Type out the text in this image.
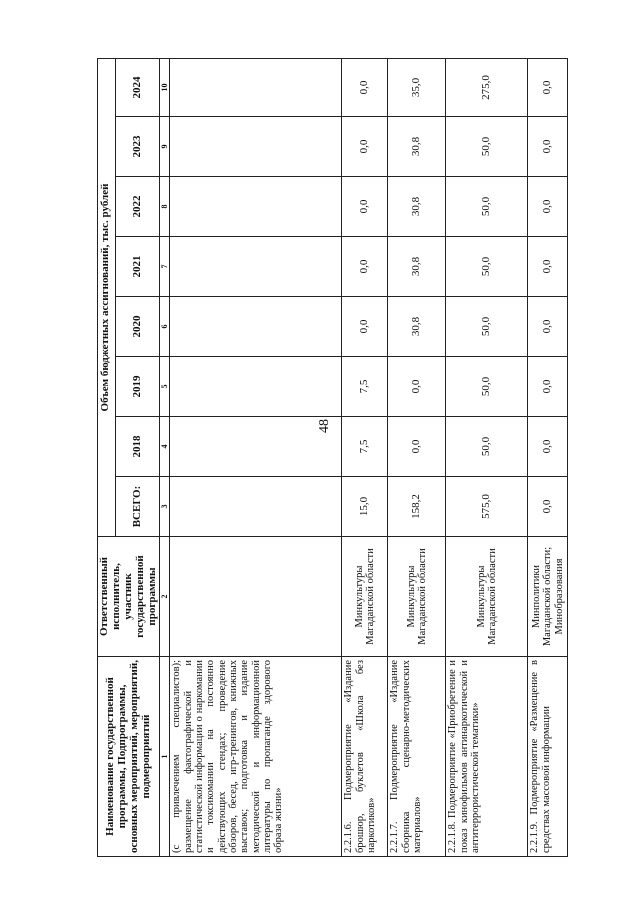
48
Наименование государственной программы, Подпрограммы, основных мероприятий, мероприятий, подмероприятий	Ответственный исполнитель, участник государственной программы	Объем бюджетных ассигнований, тыс. рублей							
		ВСЕГО:	2018	2019	2020	2021	2022	2023	2024
1	2	3	4	5	6	7	8	9	10
(с привлечением специалистов); размещение фактографической и статистической информации о наркомании и токсикомании на постоянно действующих стендах; проведение обзоров, бесед, игр-тренингов, книжных выставок; подготовка и издание методической и информационной литературы по пропаганде здорового образа жизни»									
2.2.1.6. Подмероприятие «Издание брошюр, буклетов «Школа без наркотиков»	Минкультуры Магаданской области	15,0	7,5	7,5	0,0	0,0	0,0	0,0	0,0
2.2.1.7. Подмероприятие «Издание сборника сценарно-методических материалов»	Минкультуры Магаданской области	158,2	0,0	0,0	30,8	30,8	30,8	30,8	35,0
2.2.1.8. Подмероприятие «Приобретение и показ кинофильмов антинаркотической и антитеррористической тематики»	Минкультуры Магаданской области	575,0	50,0	50,0	50,0	50,0	50,0	50,0	275,0
2.2.1.9. Подмероприятие «Размещение в средствах массовой информации	Минполитики Магаданской области; Минобразования	0,0	0,0	0,0	0,0	0,0	0,0	0,0	0,0
